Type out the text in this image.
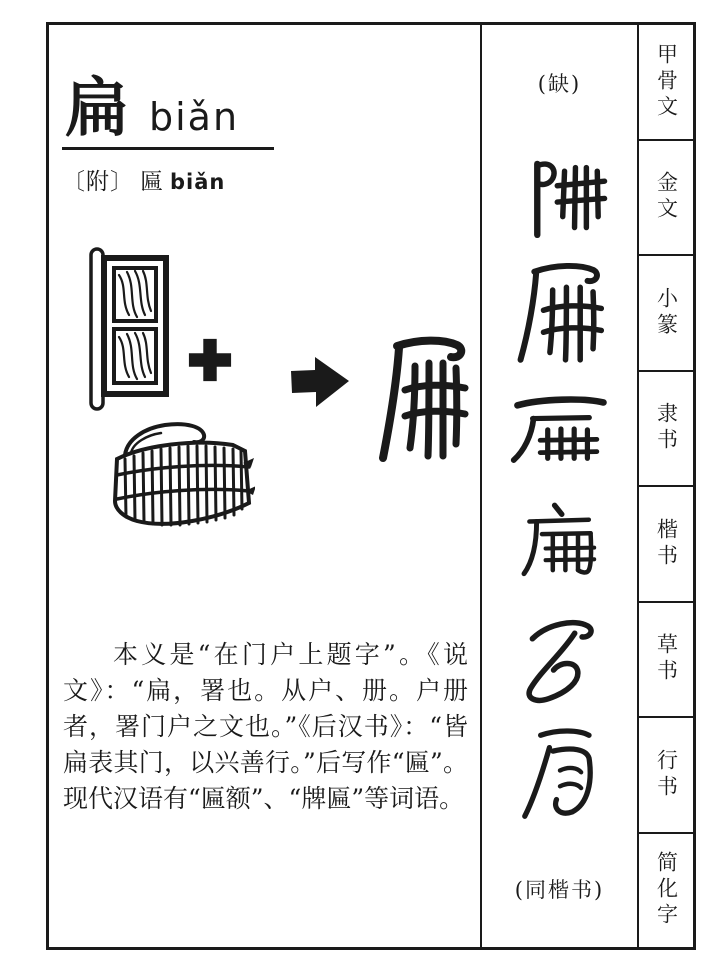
扁 biǎn
〔附〕 匾 biǎn

本义是“在门户上题字”。《说文》：“扁，署也。从户、册。户册者，署门户之文也。”《后汉书》：“皆扁表其门，以兴善行。”后写作“匾”。现代汉语有“匾额”、“牌匾”等词语。

(缺)
(同楷书)
甲骨文
金文
小篆
隶书
楷书
草书
行书
简化字
